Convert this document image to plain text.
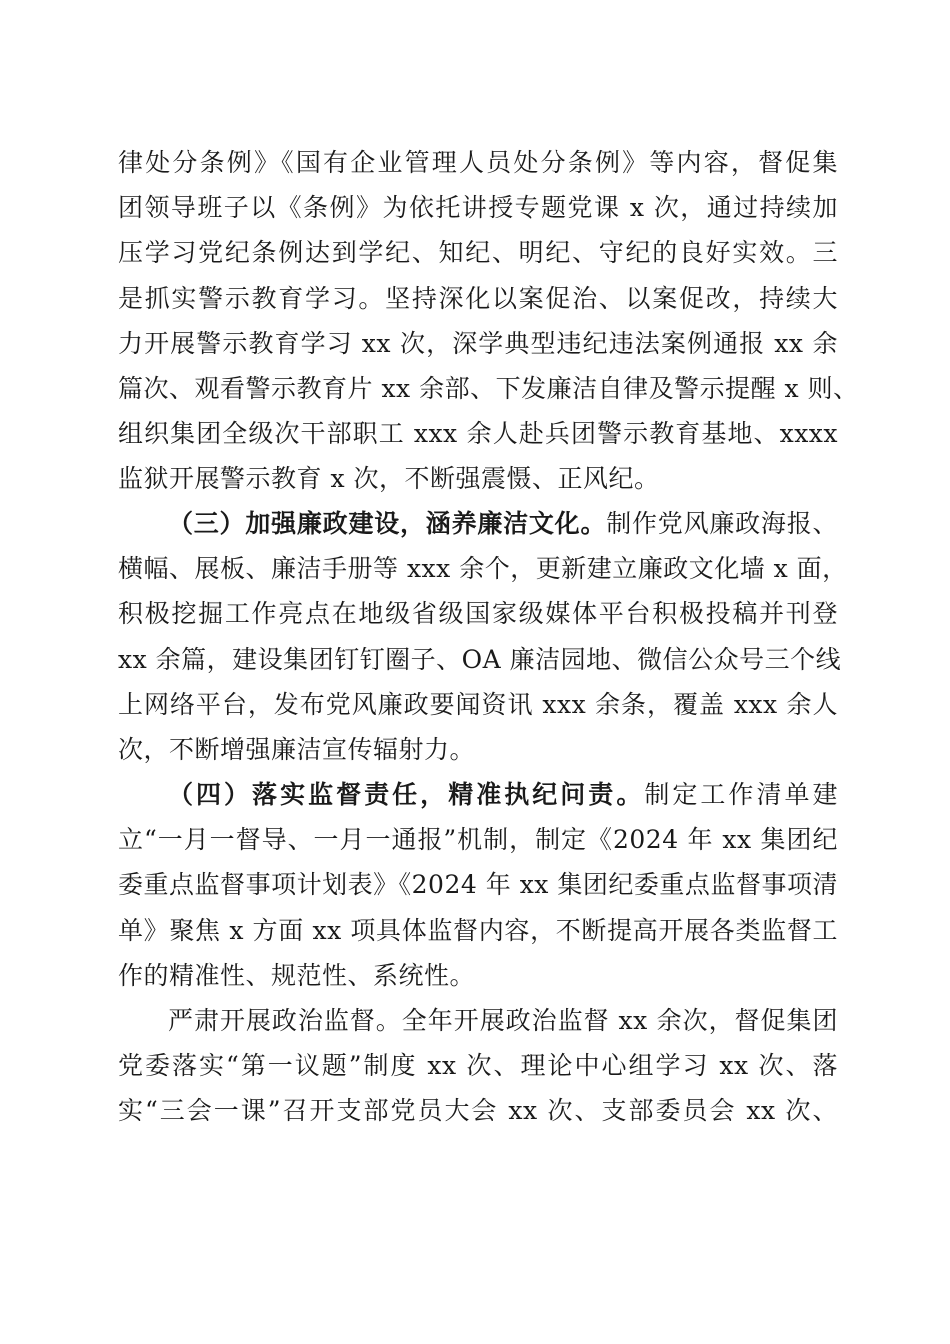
律处分条例》《国有企业管理人员处分条例》等内容，督促集
团领导班子以《条例》为依托讲授专题党课 x 次，通过持续加
压学习党纪条例达到学纪、知纪、明纪、守纪的良好实效。三
是抓实警示教育学习。坚持深化以案促治、以案促改，持续大
力开展警示教育学习 xx 次，深学典型违纪违法案例通报 xx 余
篇次、观看警示教育片 xx 余部、下发廉洁自律及警示提醒 x 则、
组织集团全级次干部职工 xxx 余人赴兵团警示教育基地、xxxx
监狱开展警示教育 x 次，不断强震慑、正风纪。
（三）加强廉政建设，涵养廉洁文化。制作党风廉政海报、
横幅、展板、廉洁手册等 xxx 余个，更新建立廉政文化墙 x 面，
积极挖掘工作亮点在地级省级国家级媒体平台积极投稿并刊登
xx 余篇，建设集团钉钉圈子、OA 廉洁园地、微信公众号三个线
上网络平台，发布党风廉政要闻资讯 xxx 余条，覆盖 xxx 余人
次，不断增强廉洁宣传辐射力。
（四）落实监督责任，精准执纪问责。制定工作清单建
立“一月一督导、一月一通报”机制，制定《2024 年 xx 集团纪
委重点监督事项计划表》《2024 年 xx 集团纪委重点监督事项清
单》聚焦 x 方面 xx 项具体监督内容，不断提高开展各类监督工
作的精准性、规范性、系统性。
严肃开展政治监督。全年开展政治监督 xx 余次，督促集团
党委落实“第一议题”制度 xx 次、理论中心组学习 xx 次、落
实“三会一课”召开支部党员大会 xx 次、支部委员会 xx 次、
